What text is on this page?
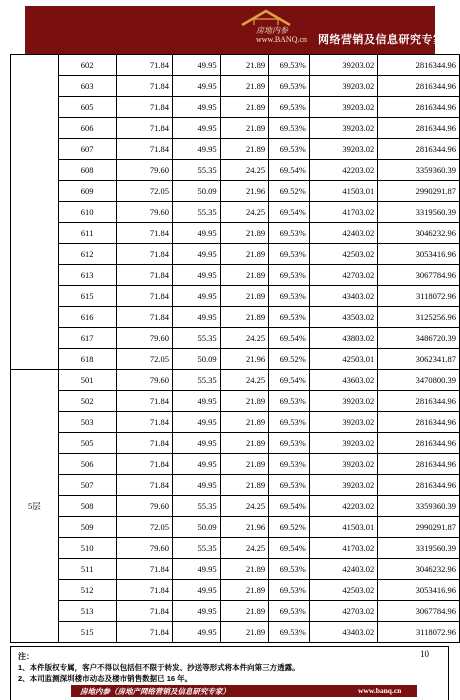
房地内参
www.BANQ.cn 网络营销及信息研究专家
	602	71.84	49.95	21.89	69.53%	39203.02	2816344.96
	603	71.84	49.95	21.89	69.53%	39203.02	2816344.96
	605	71.84	49.95	21.89	69.53%	39203.02	2816344.96
	606	71.84	49.95	21.89	69.53%	39203.02	2816344.96
	607	71.84	49.95	21.89	69.53%	39203.02	2816344.96
	608	79.60	55.35	24.25	69.54%	42203.02	3359360.39
	609	72.05	50.09	21.96	69.52%	41503.01	2990291.87
	610	79.60	55.35	24.25	69.54%	41703.02	3319560.39
	611	71.84	49.95	21.89	69.53%	42403.02	3046232.96
	612	71.84	49.95	21.89	69.53%	42503.02	3053416.96
	613	71.84	49.95	21.89	69.53%	42703.02	3067784.96
	615	71.84	49.95	21.89	69.53%	43403.02	3118072.96
	616	71.84	49.95	21.89	69.53%	43503.02	3125256.96
	617	79.60	55.35	24.25	69.54%	43803.02	3486720.39
	618	72.05	50.09	21.96	69.52%	42503.01	3062341.87
5层	501	79.60	55.35	24.25	69.54%	43603.02	3470800.39
	502	71.84	49.95	21.89	69.53%	39203.02	2816344.96
	503	71.84	49.95	21.89	69.53%	39203.02	2816344.96
	505	71.84	49.95	21.89	69.53%	39203.02	2816344.96
	506	71.84	49.95	21.89	69.53%	39203.02	2816344.96
	507	71.84	49.95	21.89	69.53%	39203.02	2816344.96
	508	79.60	55.35	24.25	69.54%	42203.02	3359360.39
	509	72.05	50.09	21.96	69.52%	41503.01	2990291.87
	510	79.60	55.35	24.25	69.54%	41703.02	3319560.39
	511	71.84	49.95	21.89	69.53%	42403.02	3046232.96
	512	71.84	49.95	21.89	69.53%	42503.02	3053416.96
	513	71.84	49.95	21.89	69.53%	42703.02	3067784.96
	515	71.84	49.95	21.89	69.53%	43403.02	3118072.96
10
注：
1、本件版权专属，客户不得以包括但不限于转发、抄送等形式将本件向第三方透露。
2、本司监测深圳楼市动态及楼市销售数据已 16 年。
房地内参（房地产网络营销及信息研究专家）	www.banq.cn
